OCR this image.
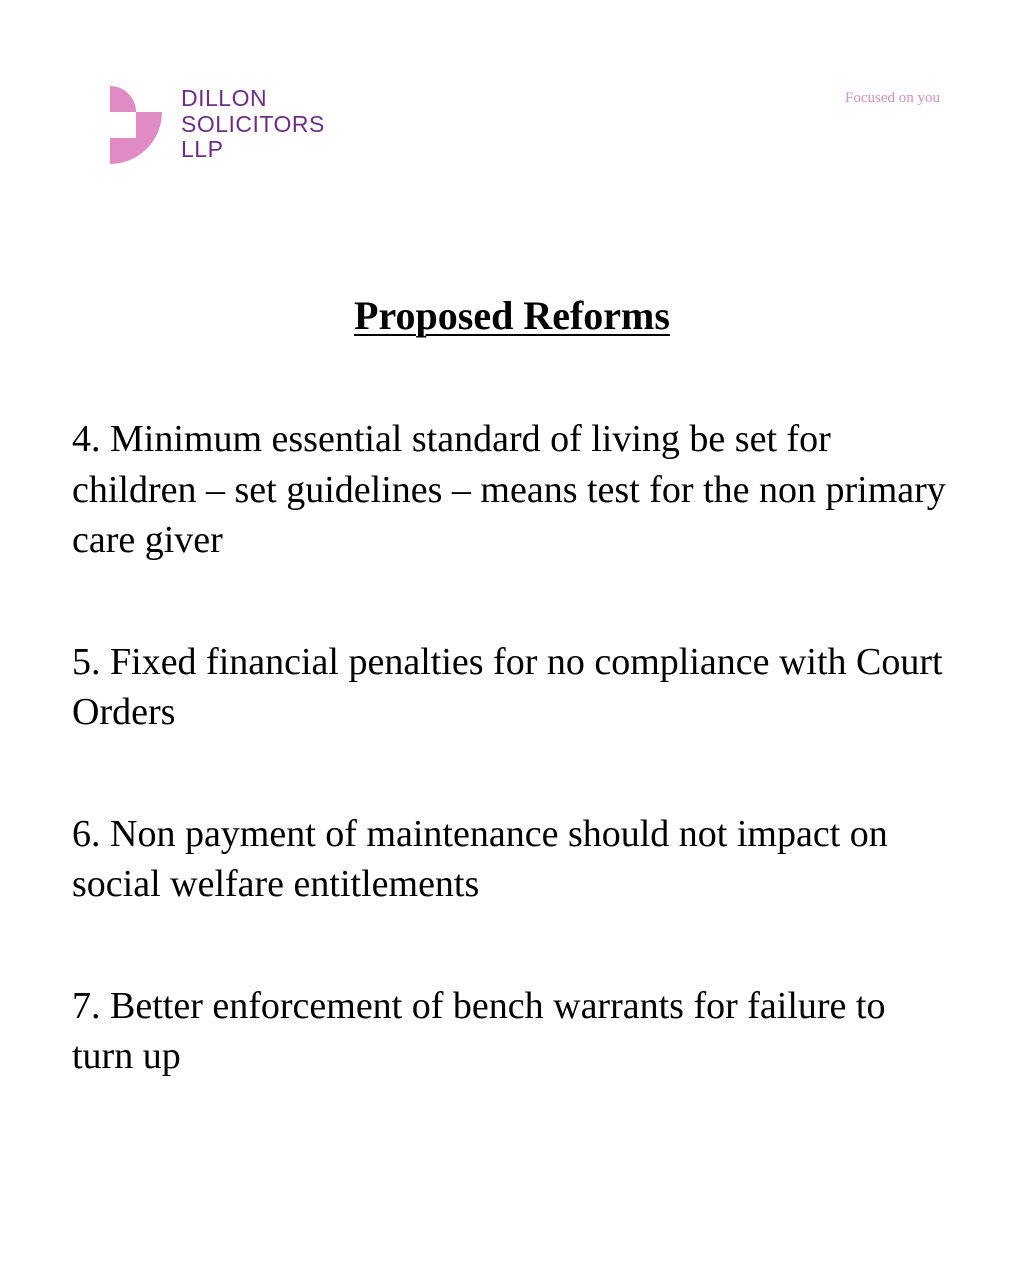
DILLON
SOLICITORS
LLP
Focused on you
Proposed Reforms

4. Minimum essential standard of living be set for children – set guidelines – means test for the non primary care giver

5. Fixed financial penalties for no compliance with Court Orders

6. Non payment of maintenance should not impact on social welfare entitlements

7. Better enforcement of bench warrants for failure to turn up
